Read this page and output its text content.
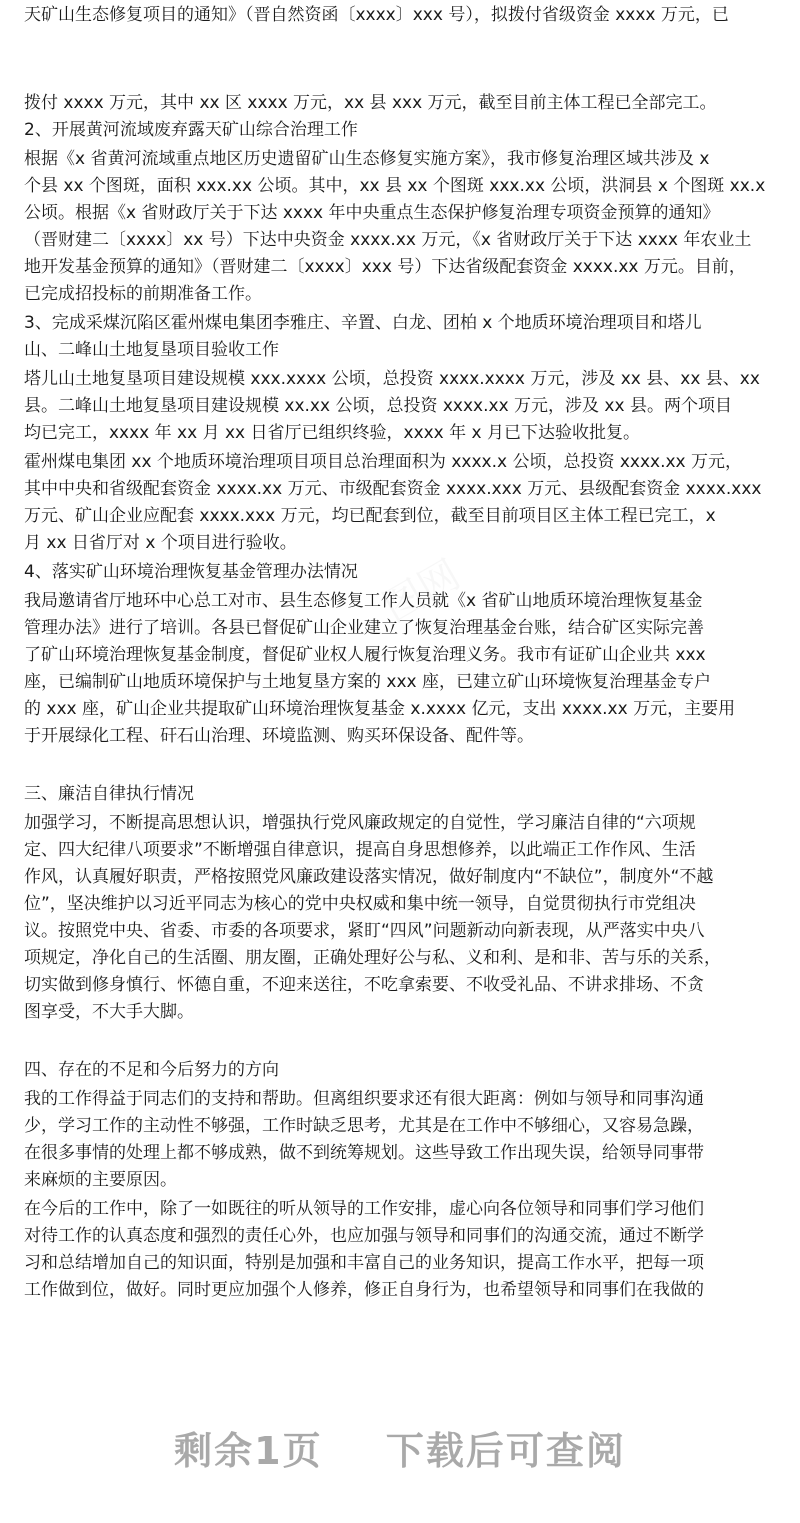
图网
天矿山生态修复项目的通知》（晋自然资函〔xxxx〕xxx 号），拟拨付省级资金 xxxx 万元，已
拨付 xxxx 万元，其中 xx 区 xxxx 万元，xx 县 xxx 万元，截至目前主体工程已全部完工。
2、开展黄河流域废弃露天矿山综合治理工作
根据《x 省黄河流域重点地区历史遗留矿山生态修复实施方案》，我市修复治理区域共涉及 x
个县 xx 个图斑，面积 xxx.xx 公顷。其中，xx 县 xx 个图斑 xxx.xx 公顷，洪洞县 x 个图斑 xx.x
公顷。根据《x 省财政厅关于下达 xxxx 年中央重点生态保护修复治理专项资金预算的通知》
（晋财建二〔xxxx〕xx 号）下达中央资金 xxxx.xx 万元，《x 省财政厅关于下达 xxxx 年农业土
地开发基金预算的通知》（晋财建二〔xxxx〕xxx 号）下达省级配套资金 xxxx.xx 万元。目前，
已完成招投标的前期准备工作。
3、完成采煤沉陷区霍州煤电集团李雅庄、辛置、白龙、团柏 x 个地质环境治理项目和塔儿
山、二峰山土地复垦项目验收工作
塔儿山土地复垦项目建设规模 xxx.xxxx 公顷，总投资 xxxx.xxxx 万元，涉及 xx 县、xx 县、xx
县。二峰山土地复垦项目建设规模 xx.xx 公顷，总投资 xxxx.xx 万元，涉及 xx 县。两个项目
均已完工，xxxx 年 xx 月 xx 日省厅已组织终验，xxxx 年 x 月已下达验收批复。
霍州煤电集团 xx 个地质环境治理项目项目总治理面积为 xxxx.x 公顷，总投资 xxxx.xx 万元，
其中中央和省级配套资金 xxxx.xx 万元、市级配套资金 xxxx.xxx 万元、县级配套资金 xxxx.xxx
万元、矿山企业应配套 xxxx.xxx 万元，均已配套到位，截至目前项目区主体工程已完工，x
月 xx 日省厅对 x 个项目进行验收。
4、落实矿山环境治理恢复基金管理办法情况
我局邀请省厅地环中心总工对市、县生态修复工作人员就《x 省矿山地质环境治理恢复基金
管理办法》进行了培训。各县已督促矿山企业建立了恢复治理基金台账，结合矿区实际完善
了矿山环境治理恢复基金制度，督促矿业权人履行恢复治理义务。我市有证矿山企业共 xxx
座，已编制矿山地质环境保护与土地复垦方案的 xxx 座，已建立矿山环境恢复治理基金专户
的 xxx 座，矿山企业共提取矿山环境治理恢复基金 x.xxxx 亿元，支出 xxxx.xx 万元，主要用
于开展绿化工程、矸石山治理、环境监测、购买环保设备、配件等。
三、廉洁自律执行情况
加强学习，不断提高思想认识，增强执行党风廉政规定的自觉性，学习廉洁自律的“六项规
定、四大纪律八项要求”不断增强自律意识，提高自身思想修养，以此端正工作作风、生活
作风，认真履好职责，严格按照党风廉政建设落实情况，做好制度内“不缺位”，制度外“不越
位”，坚决维护以习近平同志为核心的党中央权威和集中统一领导，自觉贯彻执行市党组决
议。按照党中央、省委、市委的各项要求，紧盯“四风”问题新动向新表现，从严落实中央八
项规定，净化自己的生活圈、朋友圈，正确处理好公与私、义和利、是和非、苦与乐的关系，
切实做到修身慎行、怀德自重，不迎来送往，不吃拿索要、不收受礼品、不讲求排场、不贪
图享受，不大手大脚。
四、存在的不足和今后努力的方向
我的工作得益于同志们的支持和帮助。但离组织要求还有很大距离：例如与领导和同事沟通
少，学习工作的主动性不够强，工作时缺乏思考，尤其是在工作中不够细心，又容易急躁，
在很多事情的处理上都不够成熟，做不到统筹规划。这些导致工作出现失误，给领导同事带
来麻烦的主要原因。
在今后的工作中，除了一如既往的听从领导的工作安排，虚心向各位领导和同事们学习他们
对待工作的认真态度和强烈的责任心外，也应加强与领导和同事们的沟通交流，通过不断学
习和总结增加自己的知识面，特别是加强和丰富自己的业务知识，提高工作水平，把每一项
工作做到位，做好。同时更应加强个人修养，修正自身行为，也希望领导和同事们在我做的
剩余1页 下载后可查阅
